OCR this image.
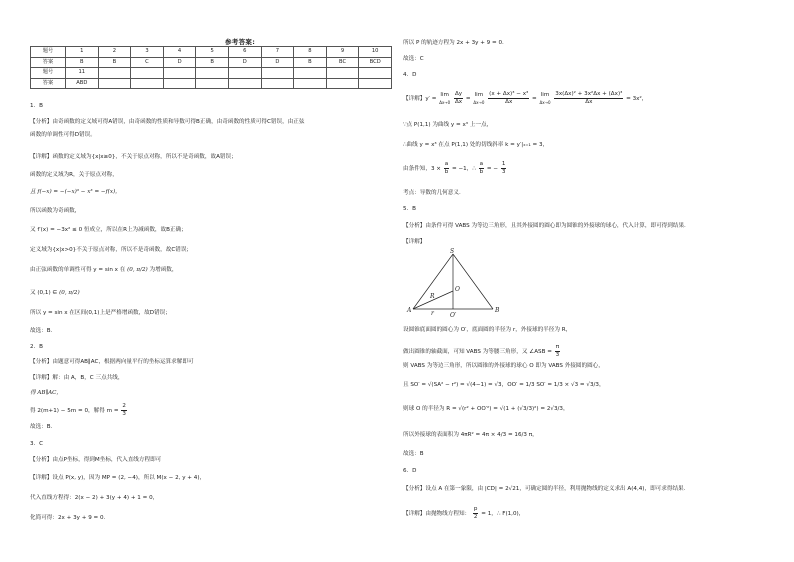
参考答案:
题号	1	2	3	4	5	6	7	8	9	10
答案	B	B	C	D	B	D	D	B	BC	BCD
题号	11									
答案	ABD									
1．B
【分析】由奇函数的定义域可得A错误，由奇函数的性质和导数可得B正确，由奇函数的性质可得C错误，由正弦
函数的单调性可得D错误。
【详解】函数的定义域为{x|x≥0}，不关于原点对称，所以不是奇函数，故A错误；
函数的定义域为R，关于原点对称，
且 f(−x) = −(−x)³ − x³ = −f(x)，
所以函数为奇函数，
又 f′(x) = −3x² ≤ 0 恒成立，所以在R上为减函数，故B正确；
定义域为{x|x>0}不关于原点对称，所以不是奇函数，故C错误；
由正弦函数的单调性可得 y = sin x 在 (0, π/2) 为增函数，
又 (0,1) ∈ (0, π/2)
所以 y = sin x 在区间(0,1)上是严格增函数，故D错误；
故选：B.
2．B
【分析】由题意可得AB∥AC，根据两向量平行的坐标运算求解即可
【详解】解：由 A，B，C 三点共线，
得 AB∥AC，
得 2(m+1) − 5m = 0，解得 $m = \frac{2}{3}$
故选：B.
3．C
【分析】由点P坐标，得到M坐标，代入直线方程即可
【详解】设点 P(x, y)，因为 MP = (2, −4)，所以 M(x − 2, y + 4)，
代入直线方程得：2(x − 2) + 3(y + 4) + 1 = 0，
化简可得：2x + 3y + 9 = 0.
所以 P 的轨迹方程为 2x + 3y + 9 = 0.
故选：C
4．D
【详解】y′ =
lim
Δx→0
$\frac{\Delta y}{\Delta x}$ =
lim
Δx→0
$\frac{\text{(x + Δx)³ − x³}}{\Delta x}$ =
lim
Δx→0
$\frac{\text{3x(Δx)² + 3x²Δx + (Δx)³}}{\Delta x} = 3x^2$，
∵点 P(1,1) 为曲线 y = x³ 上一点，
∴曲线 y = x³ 在点 P(1,1) 处的切线斜率 k = y′|ₓ₌₁ = 3，
由条件知，$3 \times \frac{a}{b} = -1$，∴ $\frac{a}{b}$ = − $\frac{1}{3}$
考点：导数的几何意义.
5．B
【分析】由条件可得 VABS 为等边三角形，且其外接圆的圆心即为圆锥的外接球的球心，代入计算，即可得到结果.
【详解】
S
O
R
A	B
O′
r
设圆锥底面圆的圆心为 O′，底面圆的半径为 r，外接球的半径为 R，
做出圆锥的轴截面，可知 VABS 为等腰三角形，又 ∠ASB = $\frac{\pi}{3}$
则 VABS 为等边三角形，所以圆锥的外接球的球心 O 即为 VABS 外接圆的圆心，
且 SO′ = √(SA² − r²) = √(4−1) = √3，OO′ = 1/3 SO′ = 1/3 × √3 = √3/3，
则球 O 的半径为 R = √(r² + OO′²) = √(1 + (√3/3)²) = 2√3/3，
所以外接球的表面积为 4πR² = 4π × 4/3 = 16/3 π，
故选：B
6．D
【分析】设点 A 在第一象限，由 |CD| = 2√21，可确定圆的半径，利用抛物线的定义求出 A(4,4)，即可求得结果.
【详解】由抛物线方程知： $\frac{p}{2} = 1$，∴ F(1,0)，
